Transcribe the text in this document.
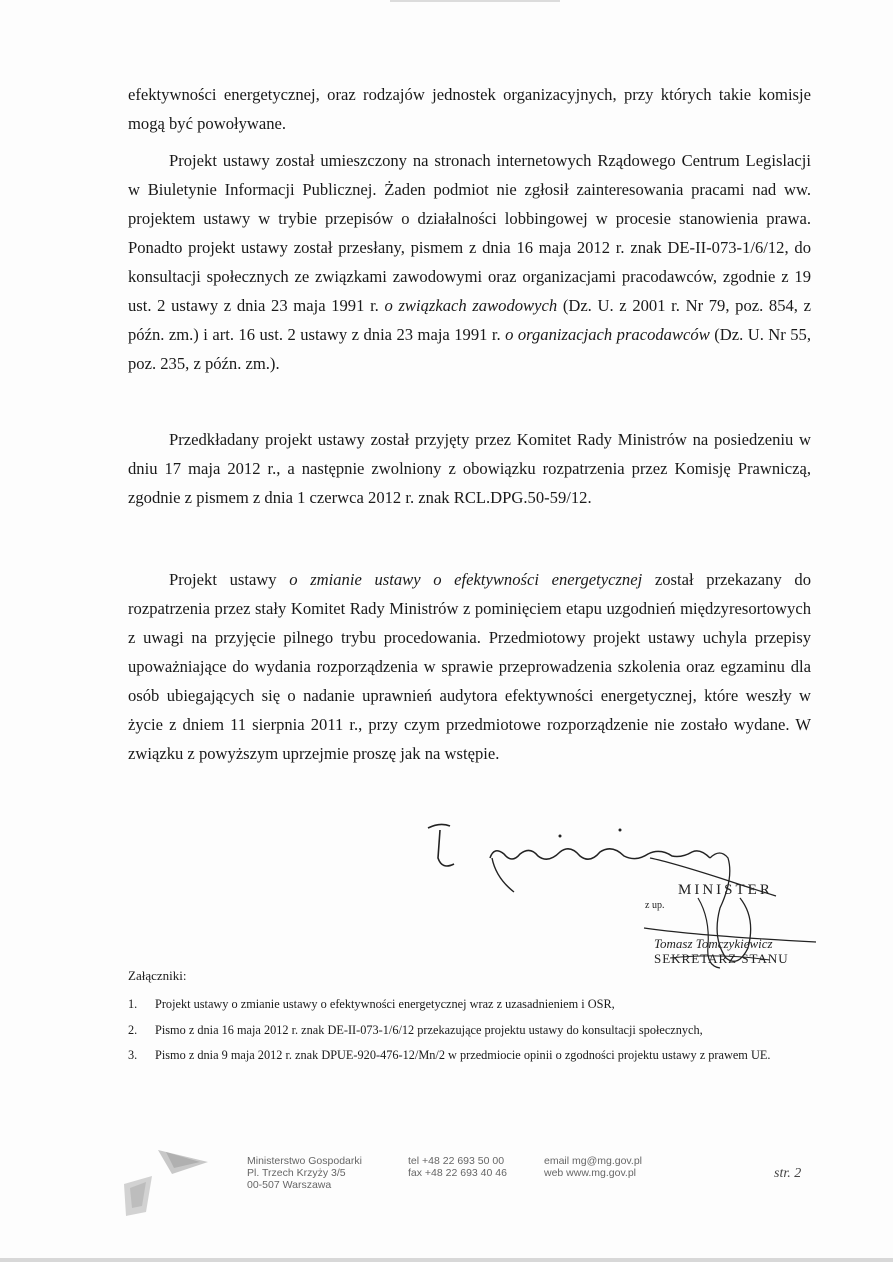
efektywności energetycznej, oraz rodzajów jednostek organizacyjnych, przy których takie komisje mogą być powoływane.

Projekt ustawy został umieszczony na stronach internetowych Rządowego Centrum Legislacji w Biuletynie Informacji Publicznej. Żaden podmiot nie zgłosił zainteresowania pracami nad ww. projektem ustawy w trybie przepisów o działalności lobbingowej w procesie stanowienia prawa. Ponadto projekt ustawy został przesłany, pismem z dnia 16 maja 2012 r. znak DE-II-073-1/6/12, do konsultacji społecznych ze związkami zawodowymi oraz organizacjami pracodawców, zgodnie z 19 ust. 2 ustawy z dnia 23 maja 1991 r. o związkach zawodowych (Dz. U. z 2001 r. Nr 79, poz. 854, z późn. zm.) i art. 16 ust. 2 ustawy z dnia 23 maja 1991 r. o organizacjach pracodawców (Dz. U. Nr 55, poz. 235, z późn. zm.).

Przedkładany projekt ustawy został przyjęty przez Komitet Rady Ministrów na posiedzeniu w dniu 17 maja 2012 r., a następnie zwolniony z obowiązku rozpatrzenia przez Komisję Prawniczą, zgodnie z pismem z dnia 1 czerwca 2012 r. znak RCL.DPG.50-59/12.

Projekt ustawy o zmianie ustawy o efektywności energetycznej został przekazany do rozpatrzenia przez stały Komitet Rady Ministrów z pominięciem etapu uzgodnień międzyresortowych z uwagi na przyjęcie pilnego trybu procedowania. Przedmiotowy projekt ustawy uchyla przepisy upoważniające do wydania rozporządzenia w sprawie przeprowadzenia szkolenia oraz egzaminu dla osób ubiegających się o nadanie uprawnień audytora efektywności energetycznej, które weszły w życie z dniem 11 sierpnia 2011 r., przy czym przedmiotowe rozporządzenie nie zostało wydane. W związku z powyższym uprzejmie proszę jak na wstępie.

MINISTER
z up.
Tomasz Tomczykiewicz
SEKRETARZ STANU
Załączniki:
1. Projekt ustawy o zmianie ustawy o efektywności energetycznej wraz z uzasadnieniem i OSR,
2. Pismo z dnia 16 maja 2012 r. znak DE-II-073-1/6/12 przekazujące projektu ustawy do konsultacji społecznych,
3. Pismo z dnia 9 maja 2012 r. znak DPUE-920-476-12/Mn/2 w przedmiocie opinii o zgodności projektu ustawy z prawem UE.
Ministerstwo Gospodarki
Pl. Trzech Krzyży 3/5
00-507 Warszawa
tel +48 22 693 50 00
fax +48 22 693 40 46
email mg@mg.gov.pl
web www.mg.gov.pl	str. 2
